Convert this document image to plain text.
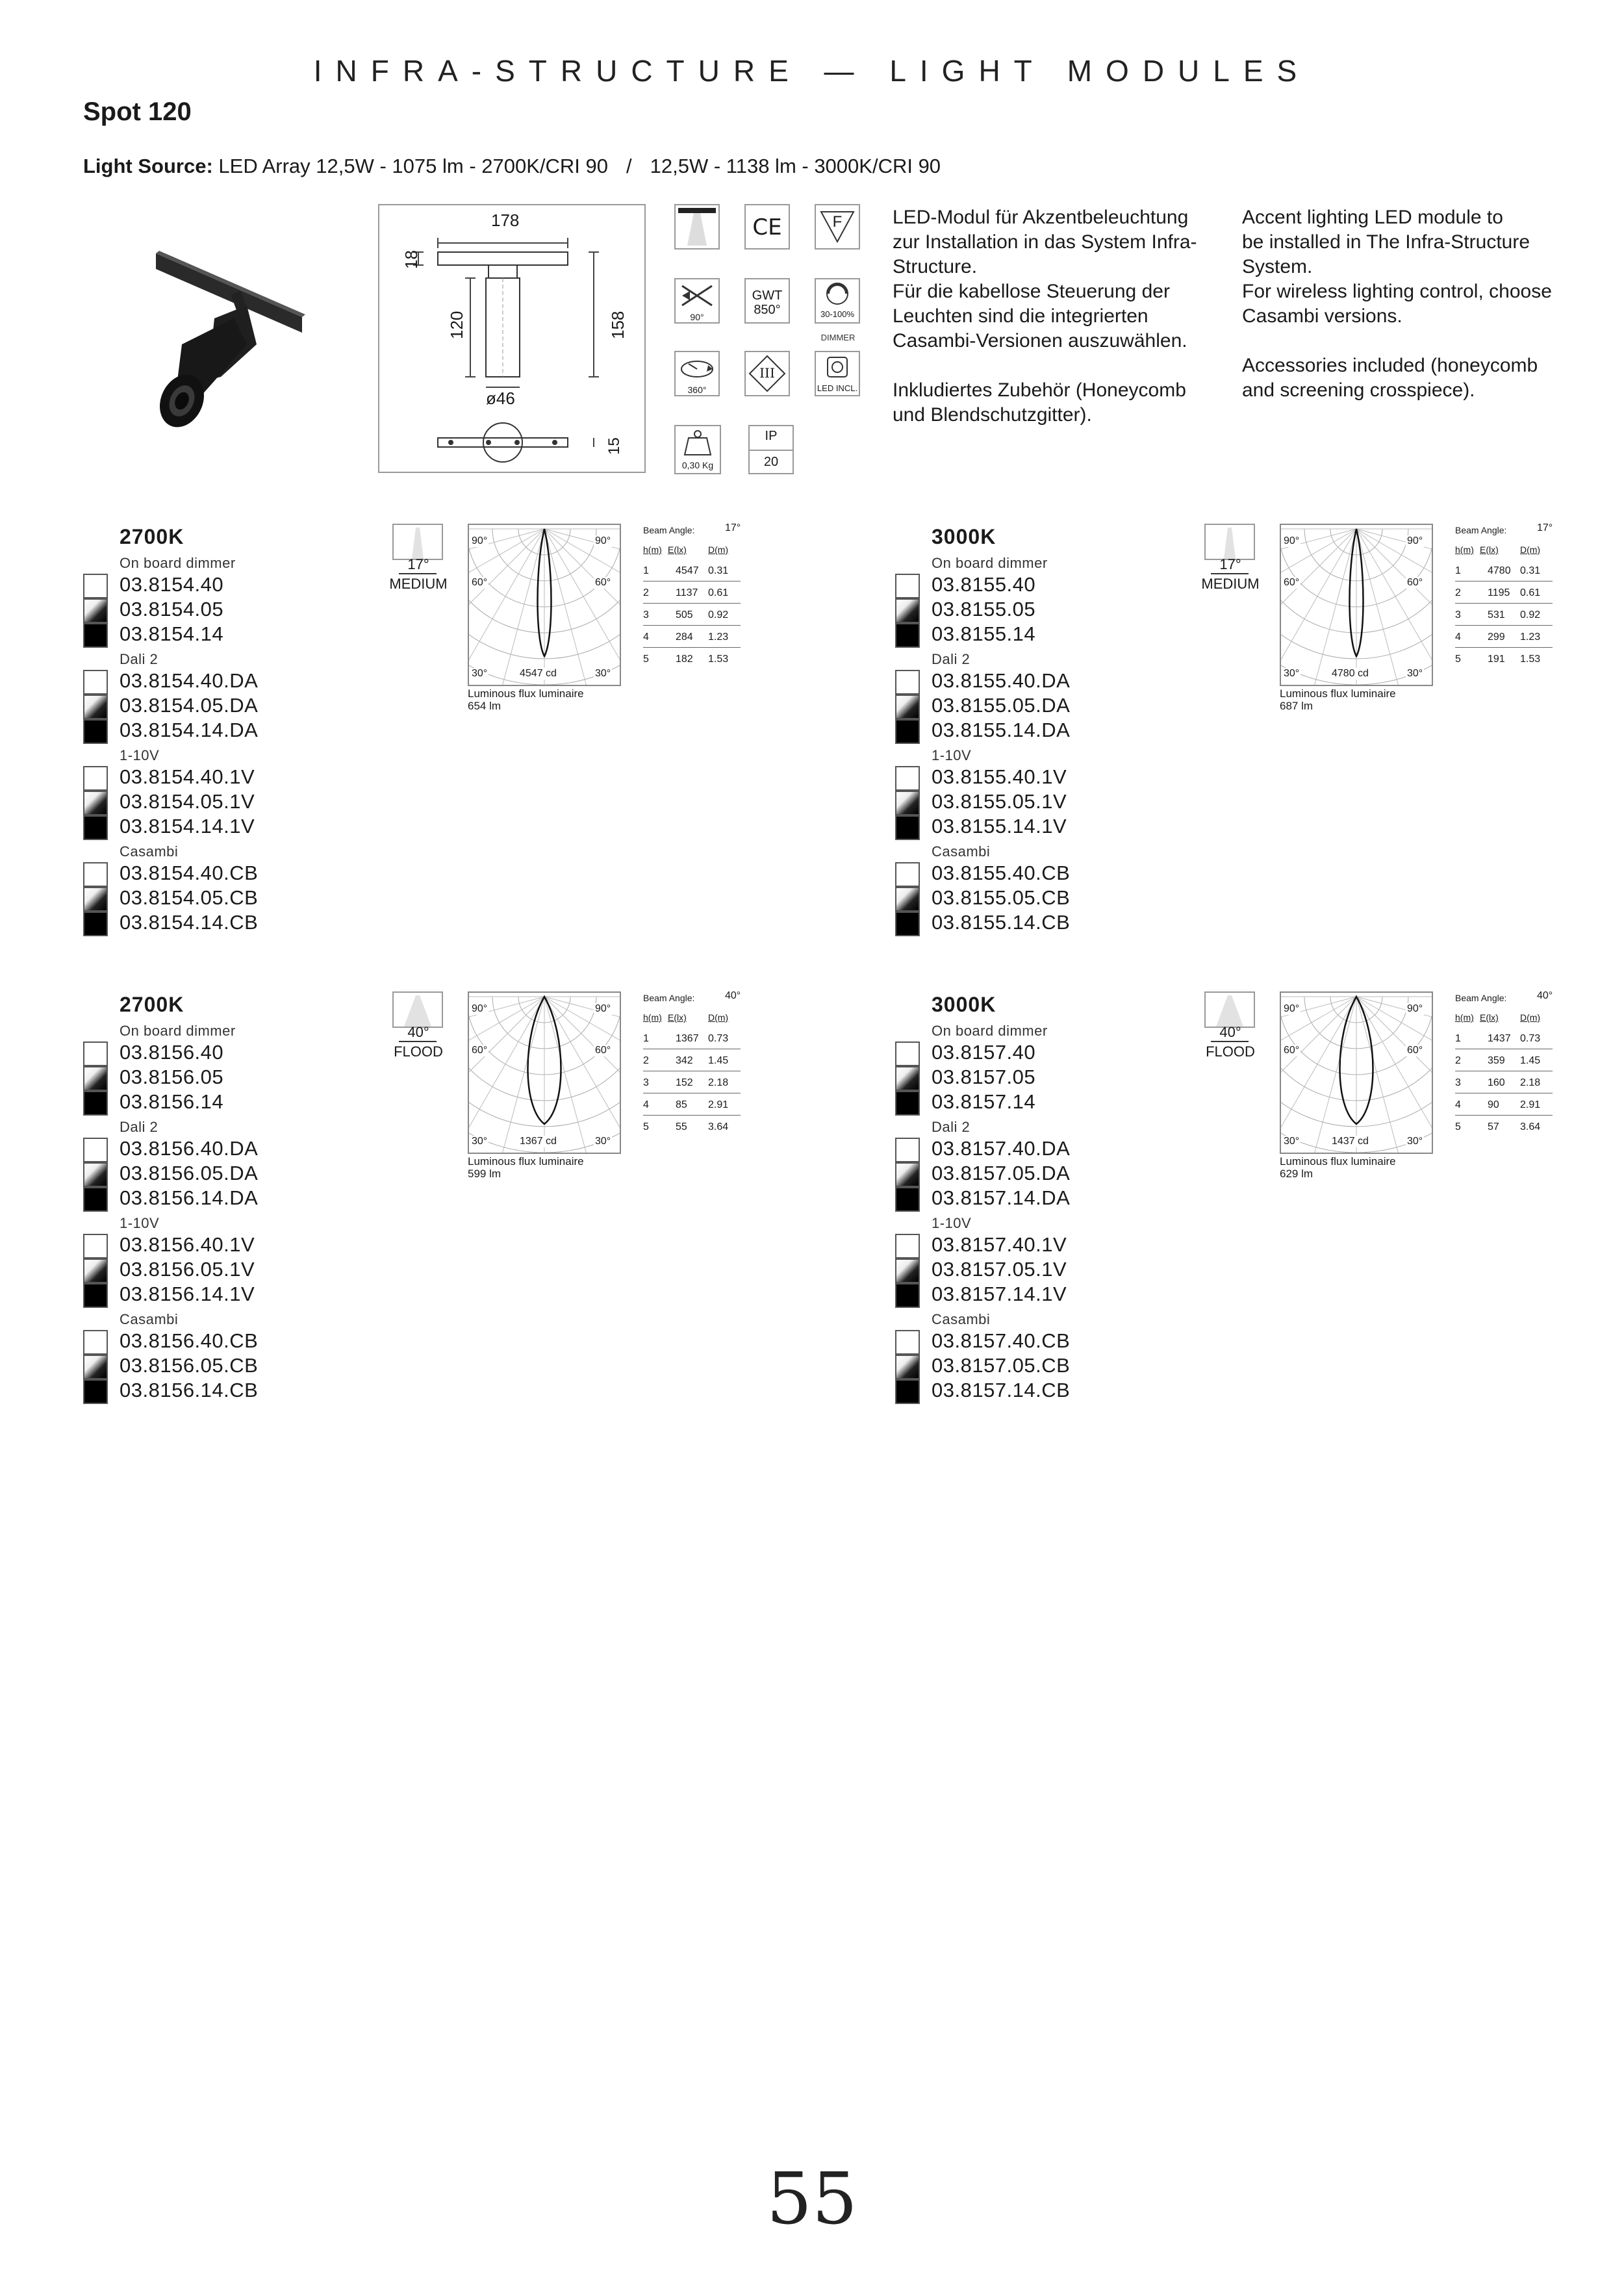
INFRA-STRUCTURE — LIGHT MODULES
Spot 120
Light Source: LED Array 12,5W - 1075 lm - 2700K/CRI 90 / 12,5W - 1138 lm - 3000K/CRI 90
178
18
120	158
ø46
15
CE	F
90°
GWT
850°	30-100%
DIMMER
360°
III
LED INCL.
0,30 Kg
IP
20
LED-Modul für Akzentbeleuchtung
zur Installation in das System Infra-
Structure.
Für die kabellose Steuerung der
Leuchten sind die integrierten
Casambi-Versionen auszuwählen.
Inkludiertes Zubehör (Honeycomb
und Blendschutzgitter).
Accent lighting LED module to
be installed in The Infra-Structure
System.
For wireless lighting control, choose
Casambi versions.
Accessories included (honeycomb
and screening crosspiece).
2700K
On board dimmer
03.8154.40
03.8154.05
03.8154.14
Dali 2
03.8154.40.DA
03.8154.05.DA
03.8154.14.DA
1-10V
03.8154.40.1V
03.8154.05.1V
03.8154.14.1V
Casambi
03.8154.40.CB
03.8154.05.CB
03.8154.14.CB
17°
MEDIUM
90°	90°
60°	60°
30°	30°
4547 cd
Luminous flux luminaire
654 lm
Beam Angle:	17°
h(m) E(lx) D(m)
1	4547 0.31
2	1137 0.61
3	505 0.92
4	284 1.23
5	182 1.53
3000K
On board dimmer
03.8155.40
03.8155.05
03.8155.14
Dali 2
03.8155.40.DA
03.8155.05.DA
03.8155.14.DA
1-10V
03.8155.40.1V
03.8155.05.1V
03.8155.14.1V
Casambi
03.8155.40.CB
03.8155.05.CB
03.8155.14.CB
17°
MEDIUM
90°	90°
60°	60°
30°	30°
4780 cd
Luminous flux luminaire
687 lm
Beam Angle:	17°
h(m) E(lx) D(m)
1	4780 0.31
2	1195 0.61
3	531 0.92
4	299 1.23
5	191 1.53
2700K
On board dimmer
03.8156.40
03.8156.05
03.8156.14
Dali 2
03.8156.40.DA
03.8156.05.DA
03.8156.14.DA
1-10V
03.8156.40.1V
03.8156.05.1V
03.8156.14.1V
Casambi
03.8156.40.CB
03.8156.05.CB
03.8156.14.CB
40°
FLOOD
90°	90°
60°	60°
30°	30°
1367 cd
Luminous flux luminaire
599 lm
Beam Angle:	40°
h(m) E(lx) D(m)
1	1367 0.73
2	342 1.45
3	152 2.18
4	85 2.91
5	55 3.64
3000K
On board dimmer
03.8157.40
03.8157.05
03.8157.14
Dali 2
03.8157.40.DA
03.8157.05.DA
03.8157.14.DA
1-10V
03.8157.40.1V
03.8157.05.1V
03.8157.14.1V
Casambi
03.8157.40.CB
03.8157.05.CB
03.8157.14.CB
40°
FLOOD
90°	90°
60°	60°
30°	30°
1437 cd
Luminous flux luminaire
629 lm
Beam Angle:	40°
h(m) E(lx) D(m)
1	1437 0.73
2	359 1.45
3	160 2.18
4	90 2.91
5	57 3.64
55
